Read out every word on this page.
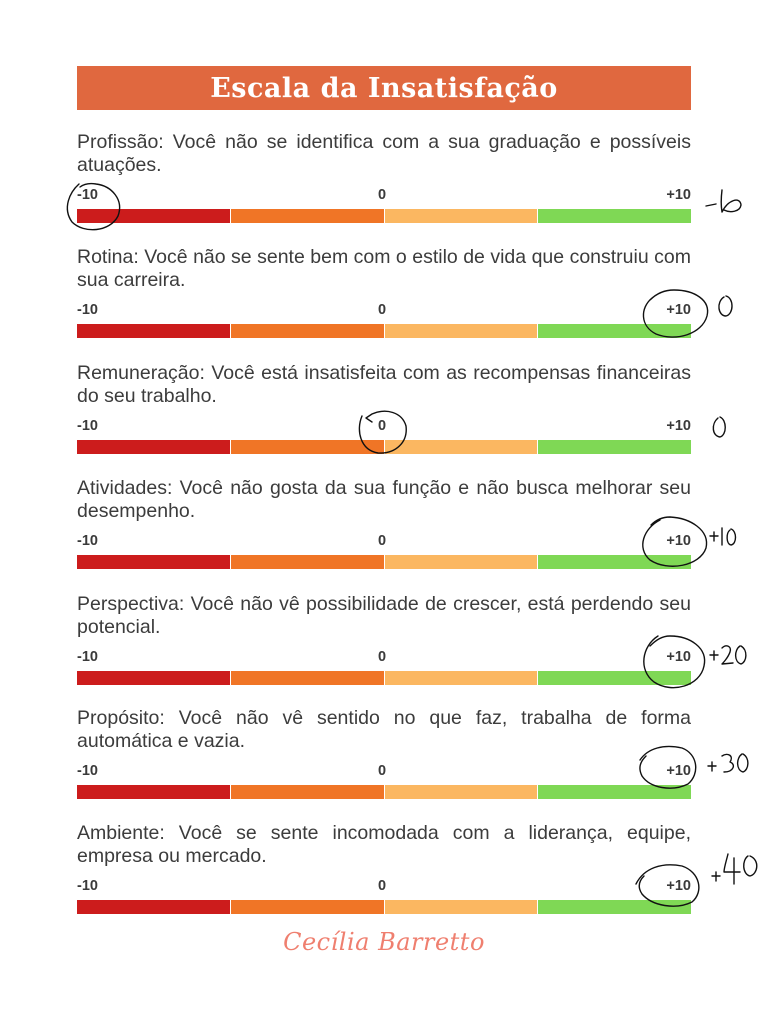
Escala da Insatisfação

Profissão: Você não se identifica com a sua graduação e possíveis atuações.

-10	0	+10

Rotina: Você não se sente bem com o estilo de vida que construiu com sua carreira.

-10	0	+10

Remuneração: Você está insatisfeita com as recompensas financeiras do seu trabalho.

-10	0	+10

Atividades: Você não gosta da sua função e não busca melhorar seu desempenho.

-10	0	+10

Perspectiva: Você não vê possibilidade de crescer, está perdendo seu potencial.

-10	0	+10

Propósito: Você não vê sentido no que faz, trabalha de forma automática e vazia.

-10	0	+10

Ambiente: Você se sente incomodada com a liderança, equipe, empresa ou mercado.

-10	0	+10
Cecília Barretto
